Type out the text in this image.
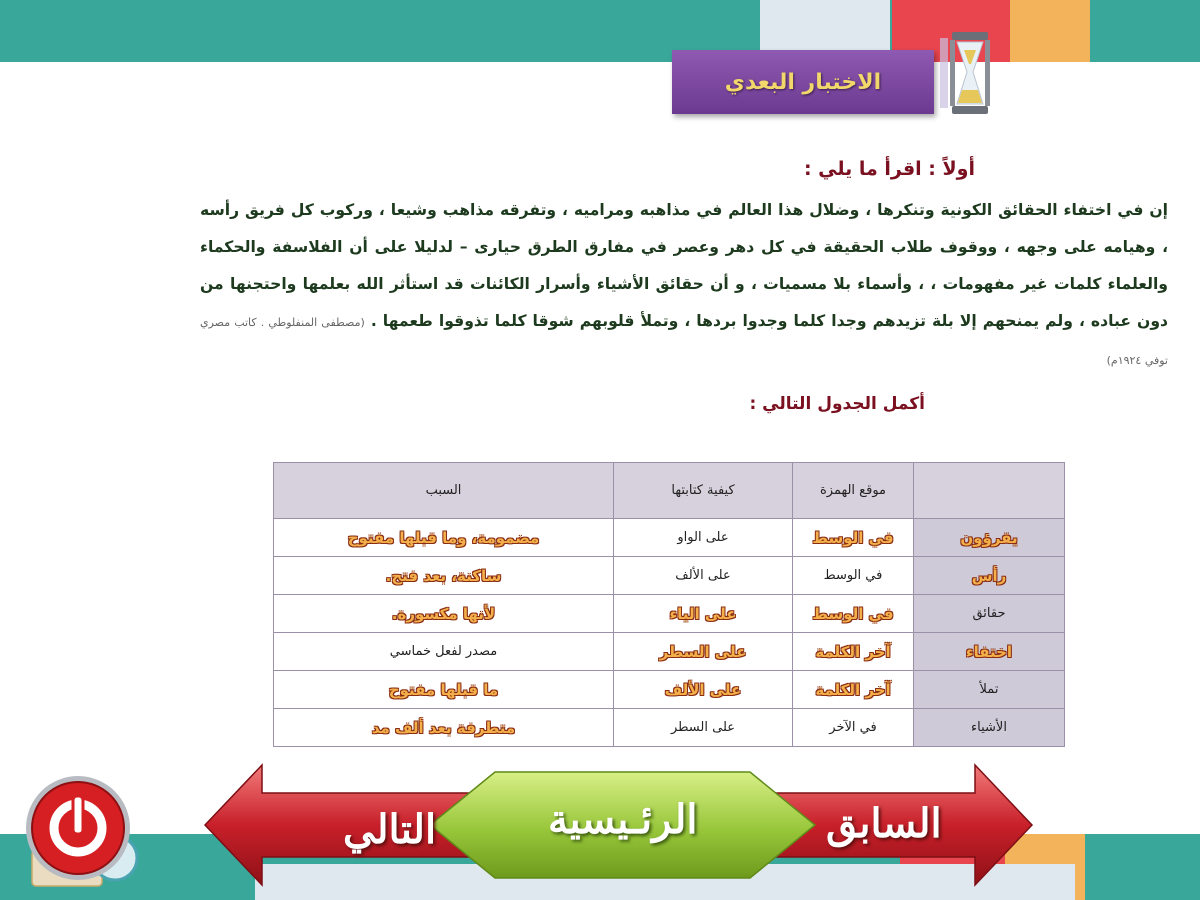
الاختبار البعدي
أولاً : اقرأ ما يلي :
إن في اختفاء الحقائق الكونية وتنكرها ، وضلال هذا العالم في مذاهبه ومراميه ، وتفرقه مذاهب وشيعا ، وركوب كل فريق رأسه ، وهيامه على وجهه ، ووقوف طلاب الحقيقة في كل دهر وعصر في مفارق الطرق حيارى – لدليلا على أن الفلاسفة والحكماء والعلماء كلمات غير مفهومات ، ، وأسماء بلا مسميات ، و أن حقائق الأشياء وأسرار الكائنات قد استأثر الله بعلمها واحتجنها من دون عباده ، ولم يمنحهم إلا بلة تزيدهم وجدا كلما وجدوا بردها ، وتملأ قلوبهم شوقا كلما تذوقوا طعمها . (مصطفى المنفلوطي . كاتب مصري توفي ١٩٢٤م)
أكمل الجدول التالي :
	موقع الهمزة	كيفية كتابتها	السبب
يقرؤون	في الوسط	على الواو	مضمومة، وما قبلها مفتوح
رأس	في الوسط	على الألف	ساكنة، بعد فتح.
حقائق	في الوسط	على الياء	لأنها مكسورة.
اختفاء	آخر الكلمة	على السطر	مصدر لفعل خماسي
تملأ	آخر الكلمة	على الألف	ما قبلها مفتوح
الأشياء	في الآخر	على السطر	متطرفة بعد ألف مد
التالي	الرئـيسية	السابق
